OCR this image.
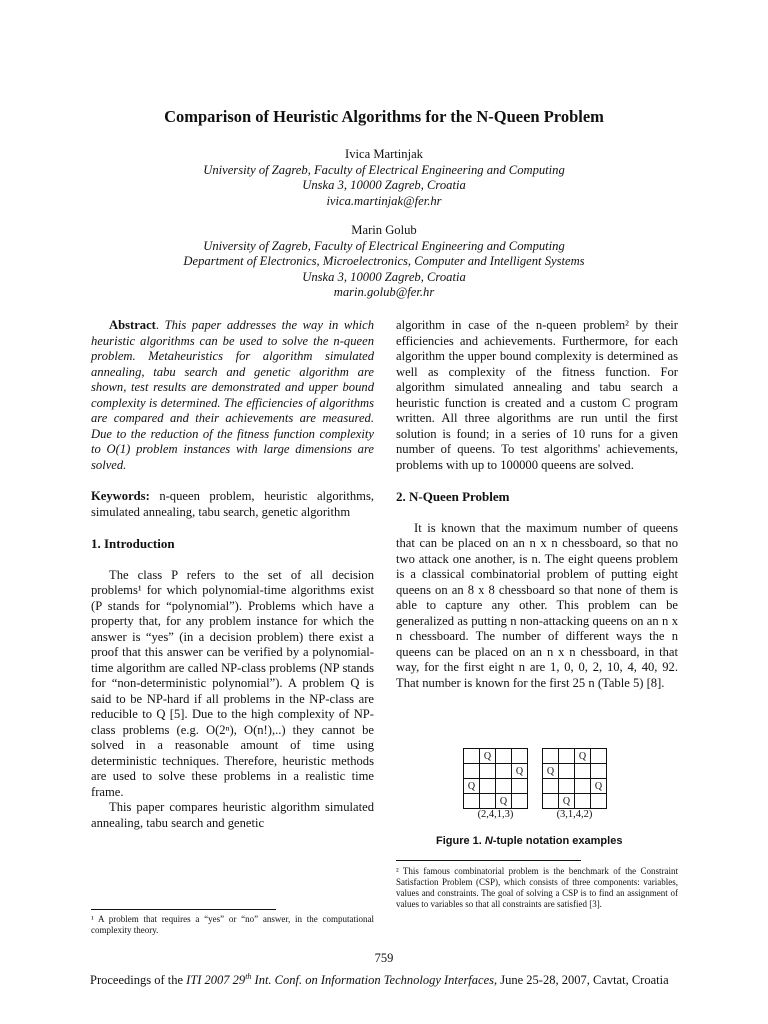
Comparison of Heuristic Algorithms for the N-Queen Problem
Ivica Martinjak
University of Zagreb, Faculty of Electrical Engineering and Computing
Unska 3, 10000 Zagreb, Croatia
ivica.martinjak@fer.hr
Marin Golub
University of Zagreb, Faculty of Electrical Engineering and Computing
Department of Electronics, Microelectronics, Computer and Intelligent Systems
Unska 3, 10000 Zagreb, Croatia
marin.golub@fer.hr

Abstract. This paper addresses the way in which heuristic algorithms can be used to solve the n-queen problem. Metaheuristics for algorithm simulated annealing, tabu search and genetic algorithm are shown, test results are demonstrated and upper bound complexity is determined. The efficiencies of algorithms are compared and their achievements are measured. Due to the reduction of the fitness function complexity to O(1) problem instances with large dimensions are solved.

Keywords: n-queen problem, heuristic algorithms, simulated annealing, tabu search, genetic algorithm

1. Introduction

The class P refers to the set of all decision problems¹ for which polynomial-time algorithms exist (P stands for “polynomial”). Problems which have a property that, for any problem instance for which the answer is “yes” (in a decision problem) there exist a proof that this answer can be verified by a polynomial-time algorithm are called NP-class problems (NP stands for “non-deterministic polynomial”). A problem Q is said to be NP-hard if all problems in the NP-class are reducible to Q [5]. Due to the high complexity of NP-class problems (e.g. O(2ⁿ), O(n!),..) they cannot be solved in a reasonable amount of time using deterministic techniques. Therefore, heuristic methods are used to solve these problems in a realistic time frame.

This paper compares heuristic algorithm simulated annealing, tabu search and genetic

¹ A problem that requires a “yes” or “no” answer, in the computational complexity theory.

algorithm in case of the n-queen problem² by their efficiencies and achievements. Furthermore, for each algorithm the upper bound complexity is determined as well as complexity of the fitness function. For algorithm simulated annealing and tabu search a heuristic function is created and a custom C program written. All three algorithms are run until the first solution is found; in a series of 10 runs for a given number of queens. To test algorithms' achievements, problems with up to 100000 queens are solved.

2. N-Queen Problem

It is known that the maximum number of queens that can be placed on an n x n chessboard, so that no two attack one another, is n. The eight queens problem is a classical combinatorial problem of putting eight queens on an 8 x 8 chessboard so that none of them is able to capture any other. This problem can be generalized as putting n non-attacking queens on an n x n chessboard. The number of different ways the n queens can be placed on an n x n chessboard, in that way, for the first eight n are 1, 0, 0, 2, 10, 4, 40, 92. That number is known for the first 25 n (Table 5) [8].

	Q		
			Q
Q			
		Q	
(2,4,1,3)
		Q	
Q			
			Q
	Q		
(3,1,4,2)
Figure 1. N-tuple notation examples
² This famous combinatorial problem is the benchmark of the Constraint Satisfaction Problem (CSP), which consists of three components: variables, values and constraints. The goal of solving a CSP is to find an assignment of values to variables so that all constraints are satisfied [3].
759
Proceedings of the ITI 2007 29th Int. Conf. on Information Technology Interfaces, June 25-28, 2007, Cavtat, Croatia
